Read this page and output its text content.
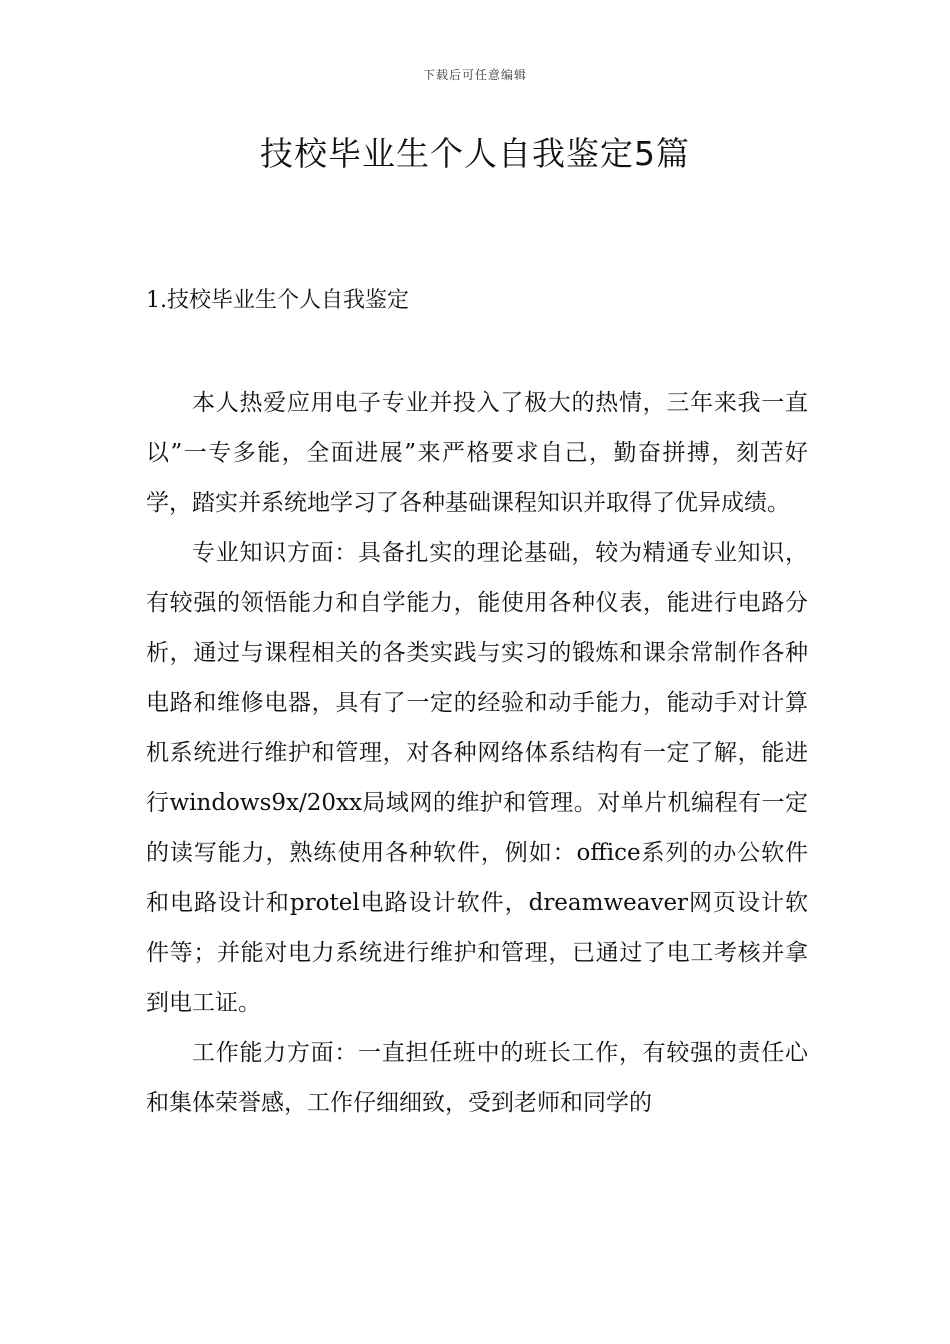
下载后可任意编辑
技校毕业生个人自我鉴定5篇
1.技校毕业生个人自我鉴定

本人热爱应用电子专业并投入了极大的热情，三年来我一直以”一专多能，全面进展”来严格要求自己，勤奋拼搏，刻苦好学，踏实并系统地学习了各种基础课程知识并取得了优异成绩。

专业知识方面：具备扎实的理论基础，较为精通专业知识，有较强的领悟能力和自学能力，能使用各种仪表，能进行电路分析，通过与课程相关的各类实践与实习的锻炼和课余常制作各种电路和维修电器，具有了一定的经验和动手能力，能动手对计算机系统进行维护和管理，对各种网络体系结构有一定了解，能进行windows9x/20xx局域网的维护和管理。对单片机编程有一定的读写能力，熟练使用各种软件，例如：office系列的办公软件和电路设计和protel电路设计软件，dreamweaver网页设计软件等；并能对电力系统进行维护和管理，已通过了电工考核并拿到电工证。

工作能力方面：一直担任班中的班长工作，有较强的责任心和集体荣誉感，工作仔细细致，受到老师和同学的
